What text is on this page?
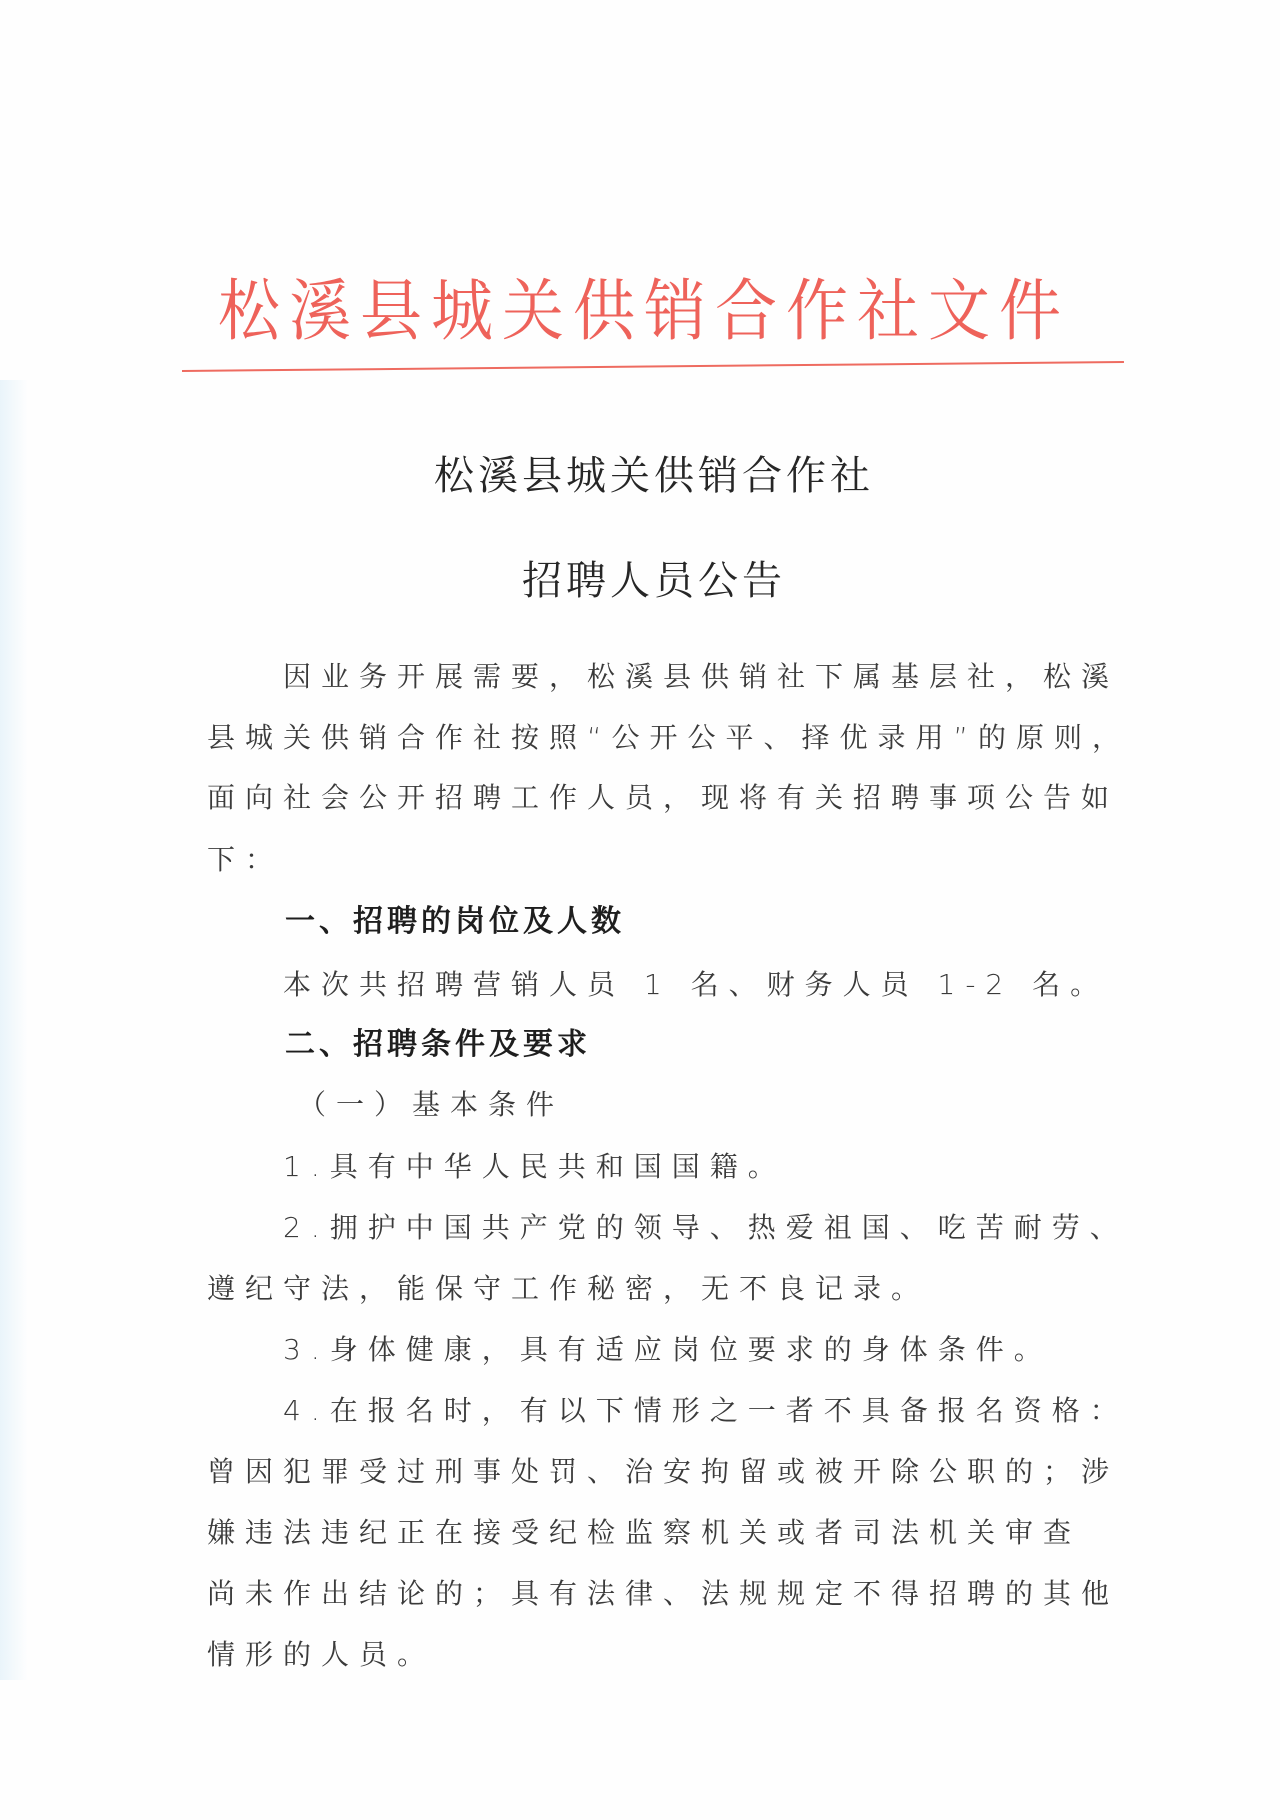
松溪县城关供销合作社文件
松溪县城关供销合作社
招聘人员公告
因业务开展需要，松溪县供销社下属基层社，松溪
县城关供销合作社按照“公开公平、择优录用”的原则，
面向社会公开招聘工作人员，现将有关招聘事项公告如
下：
一、招聘的岗位及人数
本次共招聘营销人员 1 名、财务人员 1-2 名。
二、招聘条件及要求
（一）基本条件
1.具有中华人民共和国国籍。
2.拥护中国共产党的领导、热爱祖国、吃苦耐劳、
遵纪守法，能保守工作秘密，无不良记录。
3.身体健康，具有适应岗位要求的身体条件。
4.在报名时，有以下情形之一者不具备报名资格：
曾因犯罪受过刑事处罚、治安拘留或被开除公职的；涉
嫌违法违纪正在接受纪检监察机关或者司法机关审查
尚未作出结论的；具有法律、法规规定不得招聘的其他
情形的人员。
